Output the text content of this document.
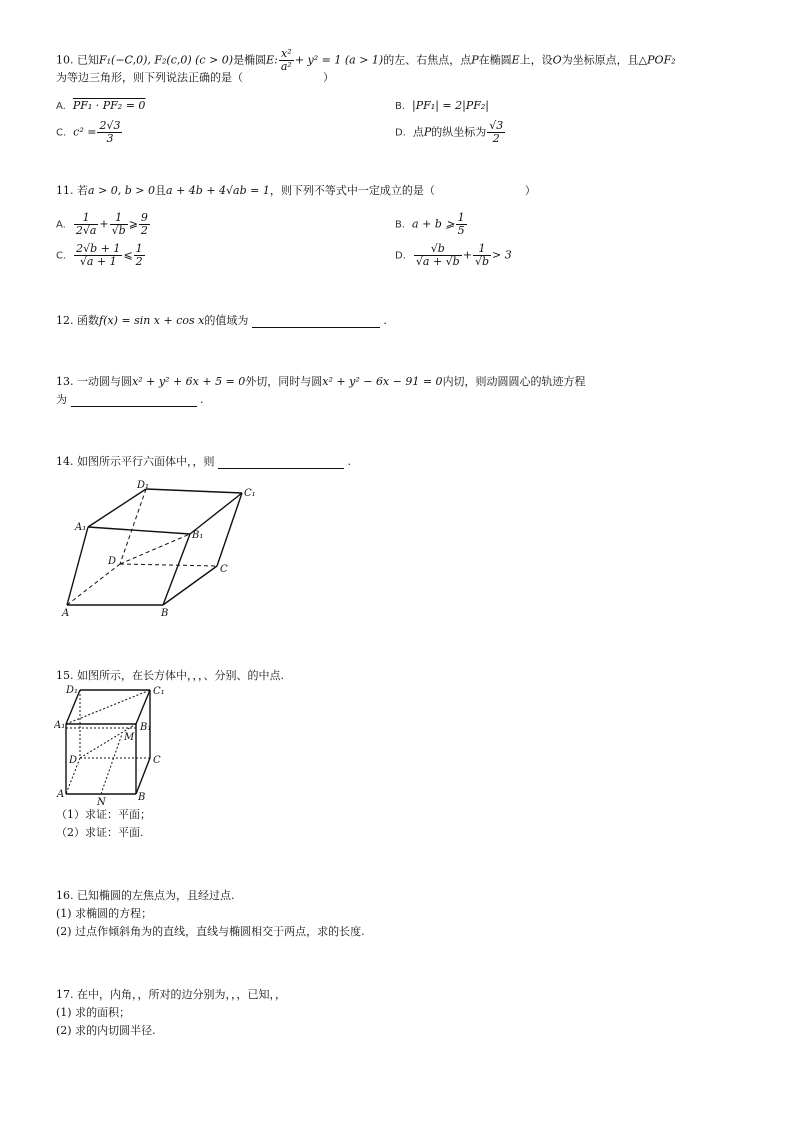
10. 已知F₁(−C,0), F₂(c,0) (c > 0)是椭圆E: $\frac{\text{x²}}{\text{a²}} + y^2 = 1$ (a > 1)的左、右焦点，点P在椭圆E上，设O为坐标原点，且△POF₂
为等边三角形，则下列说法正确的是（	）
A. PF₁ · PF₂ = 0	B. |PF₁| = 2|PF₂|
C. $c^2 = \frac{2√3}{3}$	D. 点P的纵坐标为 $\frac{√3}{2}$
11. 若a > 0, b > 0且a + 4b + 4√ab = 1，则下列不等式中一定成立的是（	）
A. $\frac{1}{2√a} + \frac{1}{√b}$ ⩾ $\frac{9}{2}$	B. a + b ⩾ $\frac{1}{5}$
C. $\frac{2√b + 1}{√a + 1}$ ⩽ $\frac{1}{2}$	D. $\frac{√b}{√a + √b} + \frac{1}{√b} > 3$
12. 函数f(x) = sin x + cos x的值域为	.
13. 一动圆与圆x² + y² + 6x + 5 = 0外切，同时与圆x² + y² − 6x − 91 = 0内切，则动圆圆心的轨迹方程
为	.
14. 如图所示平行六面体中，，则	.
D₁
C₁
A₁
B₁
D
C
A	B
15. 如图所示，在长方体中，，，、分别、的中点.
D₁	C₁
A₁	B₁
M
D	C
A
N	B
（1）求证：平面；
（2）求证：平面.
16. 已知椭圆的左焦点为，且经过点.
(1) 求椭圆的方程；
(2) 过点作倾斜角为的直线，直线与椭圆相交于两点，求的长度.
17. 在中，内角，，所对的边分别为，，，已知，，
(1) 求的面积；
(2) 求的内切圆半径.
